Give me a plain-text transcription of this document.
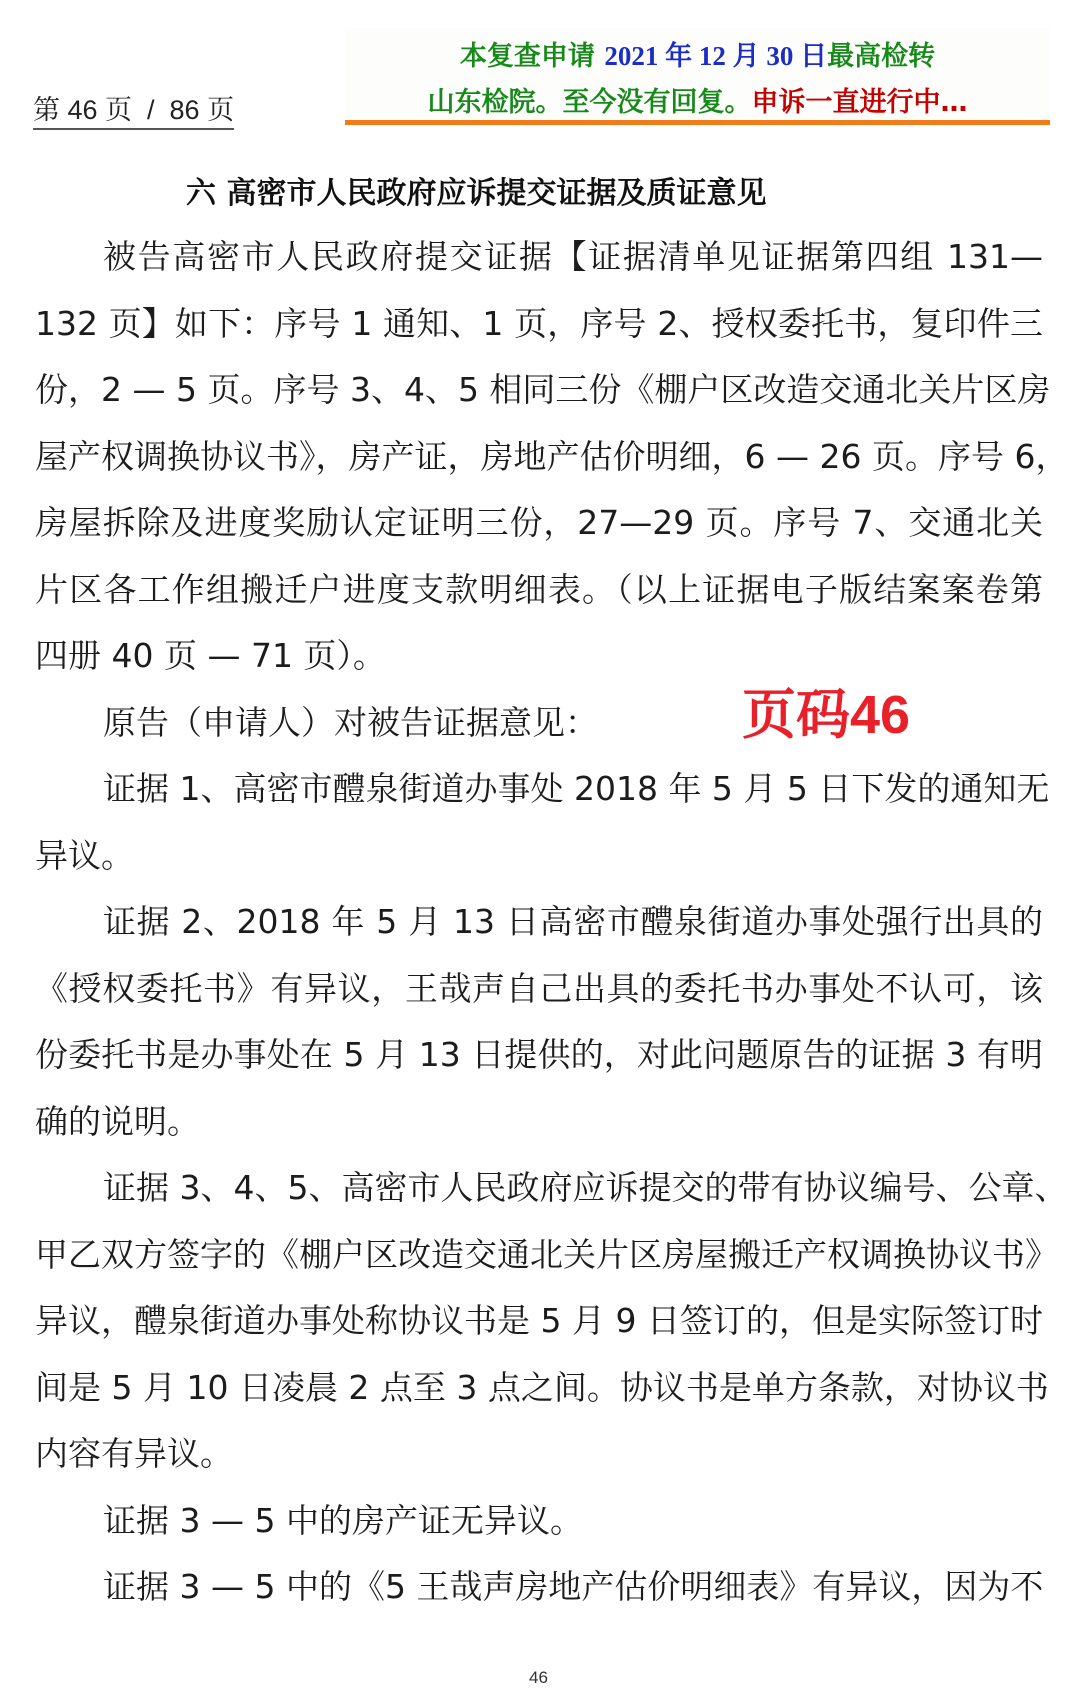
第 46 页  /  86 页
本复查申请 2021 年 12 月 30 日最高检转
山东检院。至今没有回复。申诉一直进行中…
六 高密市人民政府应诉提交证据及质证意见
被告高密市人民政府提交证据【证据清单见证据第四组 131—
132 页】如下：序号 1 通知、1 页，序号 2、授权委托书，复印件三
份，2 — 5 页。序号 3、4、5 相同三份《棚户区改造交通北关片区房
屋产权调换协议书》，房产证，房地产估价明细，6 — 26 页。序号 6，
房屋拆除及进度奖励认定证明三份，27—29 页。序号 7、交通北关
片区各工作组搬迁户进度支款明细表。（以上证据电子版结案案卷第
四册 40 页 — 71 页）。
原告（申请人）对被告证据意见：
证据 1、高密市醴泉街道办事处 2018 年 5 月 5 日下发的通知无
异议。
证据 2、2018 年 5 月 13 日高密市醴泉街道办事处强行出具的
《授权委托书》有异议，王哉声自己出具的委托书办事处不认可，该
份委托书是办事处在 5 月 13 日提供的，对此问题原告的证据 3 有明
确的说明。
证据 3、4、5、高密市人民政府应诉提交的带有协议编号、公章、
甲乙双方签字的《棚户区改造交通北关片区房屋搬迁产权调换协议书》
异议，醴泉街道办事处称协议书是 5 月 9 日签订的，但是实际签订时
间是 5 月 10 日凌晨 2 点至 3 点之间。协议书是单方条款，对协议书
内容有异议。
证据 3 — 5 中的房产证无异议。
证据 3 — 5 中的《5 王哉声房地产估价明细表》有异议，因为不
页码46
46
